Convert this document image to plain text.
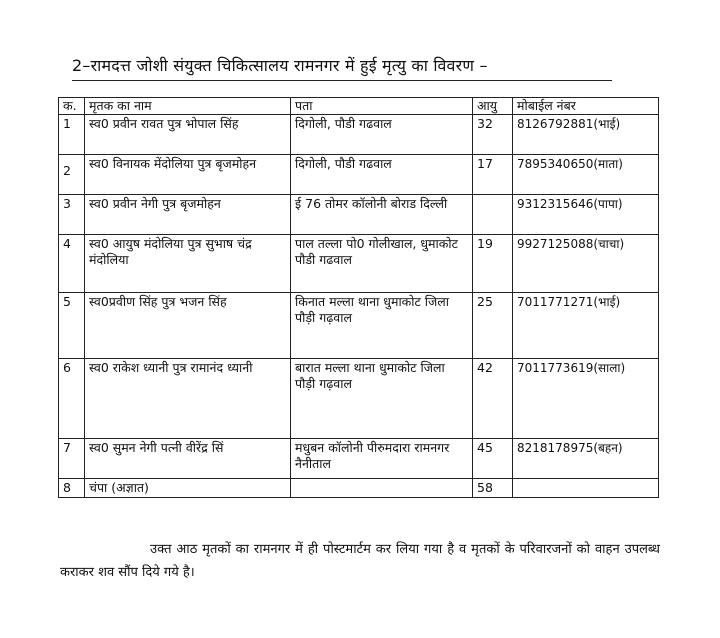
2–रामदत्त जोशी संयुक्त चिकित्सालय रामनगर में हुई मृत्यु का विवरण –
क.	मृतक का नाम	पता	आयु	मोबाईल नंबर
1	स्व0 प्रवीन रावत पुत्र भोपाल सिंह	दिगोली, पौडी गढवाल	32	8126792881(भाई)
2	स्व0 विनायक मेंदोलिया पुत्र बृजमोहन	दिगोली, पौडी गढवाल	17	7895340650(माता)
3	स्व0 प्रवीन नेगी पुत्र बृजमोहन	ई 76 तोमर कॉलोनी बोराड दिल्ली		9312315646(पापा)
4	स्व0 आयुष मंदोलिया पुत्र सुभाष चंद्र मंदोलिया	पाल तल्ला पो0 गोलीखाल, धुमाकोट पौडी गढवाल	19	9927125088(चाचा)
5	स्व0प्रवीण सिंह पुत्र भजन सिंह	किनात मल्ला थाना धुमाकोट जिला पौड़ी गढ़वाल	25	7011771271(भाई)
6	स्व0 राकेश ध्यानी पुत्र रामानंद ध्यानी	बारात मल्ला थाना धुमाकोट जिला पौड़ी गढ़वाल	42	7011773619(साला)
7	स्व0 सुमन नेगी पत्नी वीरेंद्र सिं	मधुबन कॉलोनी पीरुमदारा रामनगर नैनीताल	45	8218178975(बहन)
8	चंपा (अज्ञात)		58	

उक्त आठ मृतकों का रामनगर में ही पोस्टमार्टम कर लिया गया है व मृतकों के परिवारजनों को वाहन उपलब्ध कराकर शव सौंप दिये गये है।
